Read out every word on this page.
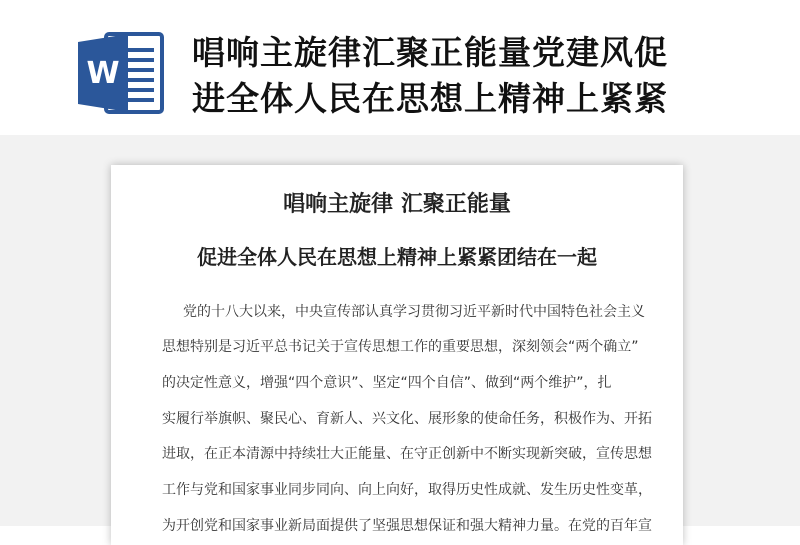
W
唱响主旋律汇聚正能量党建风促
进全体人民在思想上精神上紧紧
唱响主旋律 汇聚正能量
促进全体人民在思想上精神上紧紧团结在一起
党的十八大以来，中央宣传部认真学习贯彻习近平新时代中国特色社会主义
思想特别是习近平总书记关于宣传思想工作的重要思想，深刻领会“两个确立”
的决定性意义，增强“四个意识”、坚定“四个自信”、做到“两个维护”，扎
实履行举旗帜、聚民心、育新人、兴文化、展形象的使命任务，积极作为、开拓
进取，在正本清源中持续壮大正能量、在守正创新中不断实现新突破，宣传思想
工作与党和国家事业同步同向、向上向好，取得历史性成就、发生历史性变革，
为开创党和国家事业新局面提供了坚强思想保证和强大精神力量。在党的百年宣
